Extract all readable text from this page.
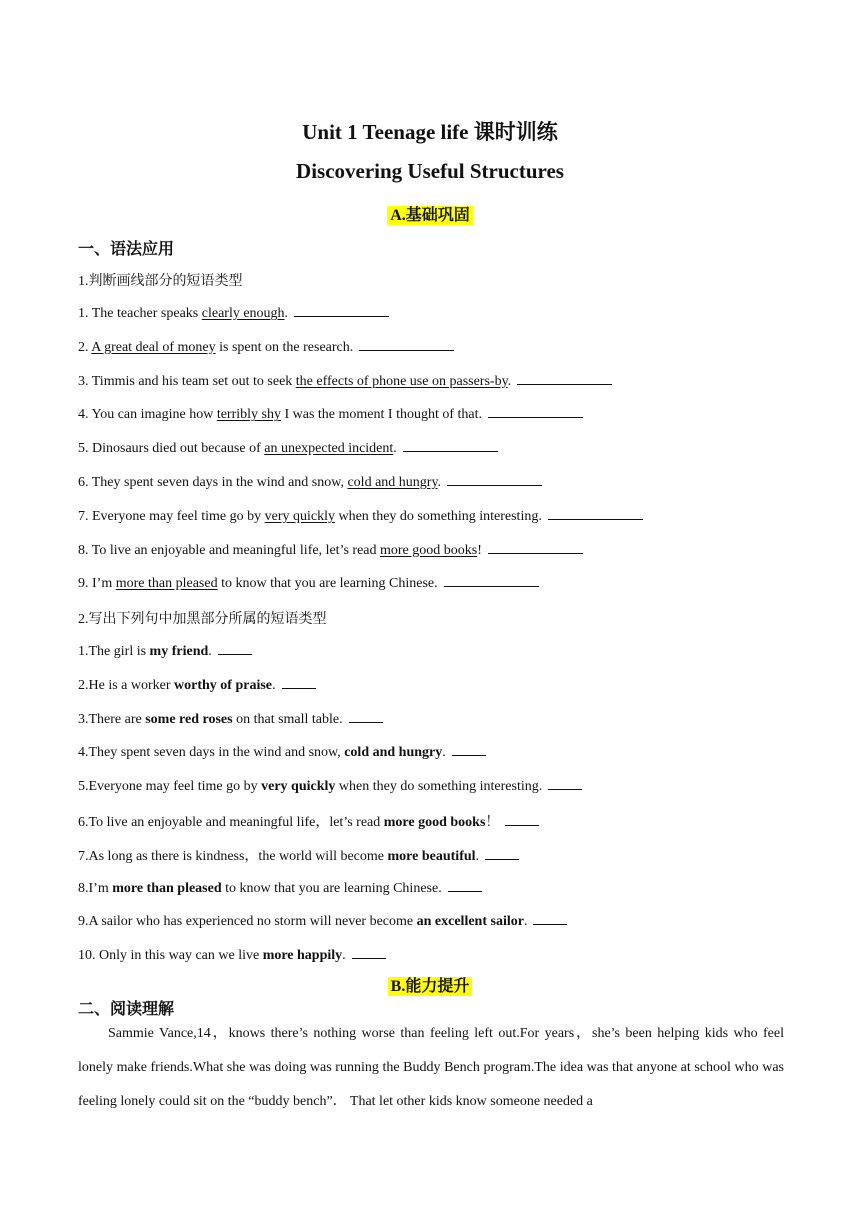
Unit 1 Teenage life 课时训练
Discovering Useful Structures
A.基础巩固
一、语法应用
1.判断画线部分的短语类型
1. The teacher speaks clearly enough.
2. A great deal of money is spent on the research.
3. Timmis and his team set out to seek the effects of phone use on passers-by.
4. You can imagine how terribly shy I was the moment I thought of that.
5. Dinosaurs died out because of an unexpected incident.
6. They spent seven days in the wind and snow, cold and hungry.
7. Everyone may feel time go by very quickly when they do something interesting.
8. To live an enjoyable and meaningful life, let’s read more good books!
9. I’m more than pleased to know that you are learning Chinese.
2.写出下列句中加黑部分所属的短语类型
1.The girl is my friend.
2.He is a worker worthy of praise.
3.There are some red roses on that small table.
4.They spent seven days in the wind and snow, cold and hungry.
5.Everyone may feel time go by very quickly when they do something interesting.
6.To live an enjoyable and meaningful life，let’s read more good books！
7.As long as there is kindness，the world will become more beautiful.
8.I’m more than pleased to know that you are learning Chinese.
9.A sailor who has experienced no storm will never become an excellent sailor.
10. Only in this way can we live more happily.
B.能力提升
二、阅读理解
Sammie Vance,14，knows there’s nothing worse than feeling left out.For years，she’s been helping kids who feel lonely make friends.What she was doing was running the Buddy Bench program.The idea was that anyone at school who was feeling lonely could sit on the “buddy bench”． That let other kids know someone needed a
